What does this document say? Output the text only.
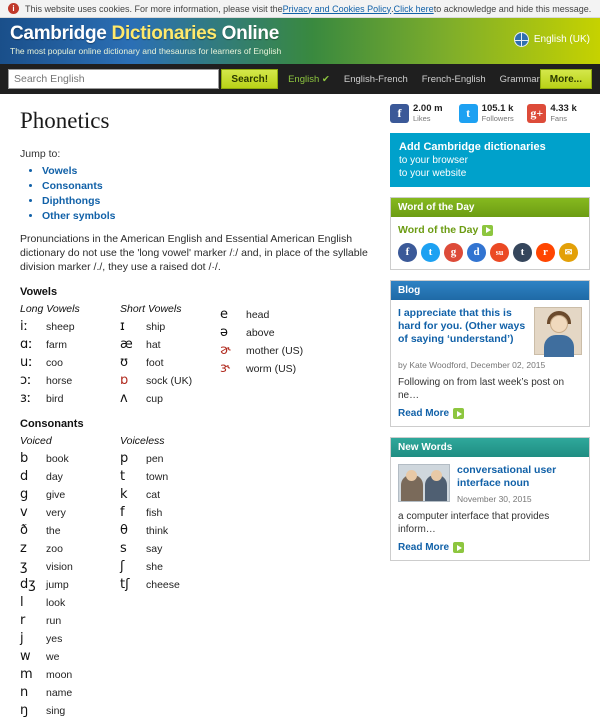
i	This website uses cookies. For more information, please visit the Privacy and Cookies Policy . Click here to acknowledge and hide this message.
Cambridge Dictionaries Online
The most popular online dictionary and thesaurus for learners of English
English (UK)
Search English
Search!	English ✔ English-French French-English Grammar	More...
Phonetics
Jump to:
• Vowels
• Consonants
• Diphthongs
• Other symbols

Pronunciations in the American English and Essential American English dictionary do not use the 'long vowel' marker /ː/ and, in place of the syllable division marker /./, they use a raised dot /·/.

Vowels
Long Vowels
iː	sheep
ɑː	farm
uː	coo
ɔː	horse
ɜː	bird
Short Vowels
ɪ	ship
æ	hat
ʊ	foot
ɒ	sock (UK)
ʌ	cup
e	head
ə	above
ɚ	mother (US)
ɝ	worm (US)
Consonants
Voiced
b	book
d	day
g	give
v	very
ð	the
z	zoo
ʒ	vision
dʒ jump
l	look
r	run
j	yes
w	we
m	moon
n	name
ŋ	sing
Voiceless
p	pen
t	town
k	cat
f	fish
θ	think
s	say
ʃ	she
tʃ	cheese
f	2.00 m
Likes	t	105.1 k
Followers g+ 4.33 k
Fans
Add Cambridge dictionaries
to your browser
to your website
Word of the Day
Word of the Day
f	t	g	d	su	t	r	✉
Blog
I appreciate that this is hard for you. (Other ways of saying ‘understand’)
by Kate Woodford, December 02, 2015
Following on from last week’s post on ne…
Read More
New Words
conversational user interface noun
November 30, 2015
a computer interface that provides inform…
Read More
